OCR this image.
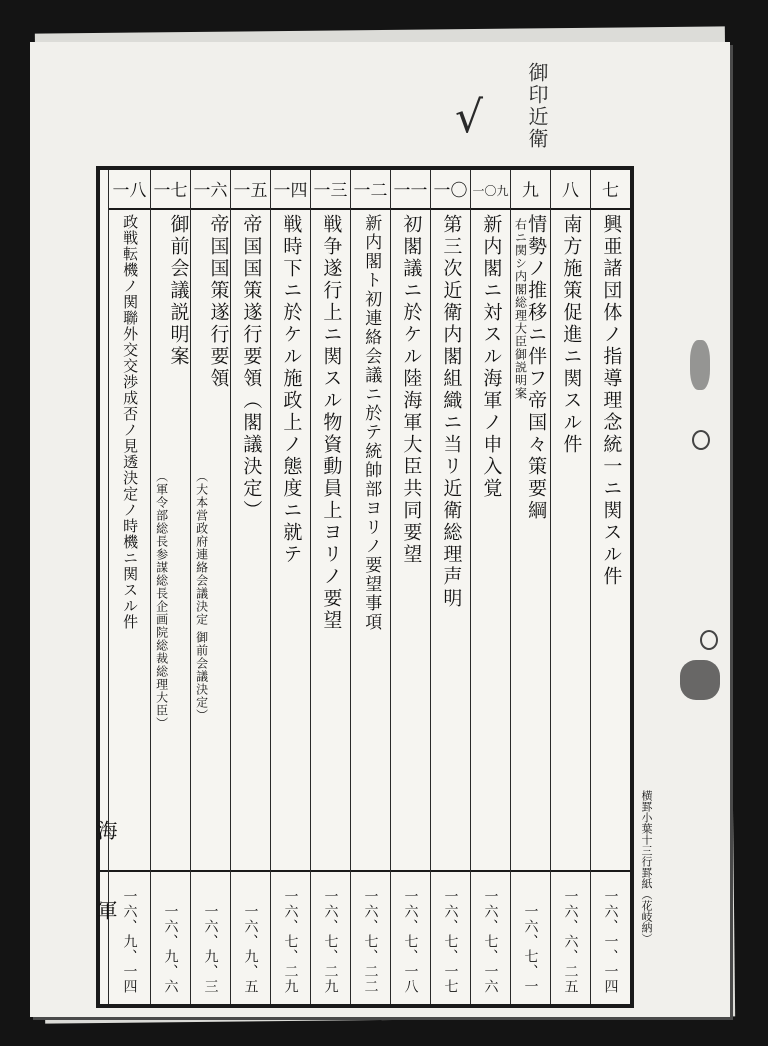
御印近衛
√
七
興亜諸団体ノ指導理念統一ニ関スル件
一六、一、一四
八
南方施策促進ニ関スル件
一六、六、二五
九
情勢ノ推移ニ伴フ帝国々策要綱
右ニ関シ内閣総理大臣御説明案
一六、七、一
一〇九
新内閣ニ対スル海軍ノ申入覚
一六、七、一六
一〇
第三次近衛内閣組織ニ当リ近衛総理声明
一六、七、一七
一一
初閣議ニ於ケル陸海軍大臣共同要望
一六、七、一八
一二
新内閣ト初連絡会議ニ於テ統帥部ヨリノ要望事項
一六、七、二二
一三
戦争遂行上ニ関スル物資動員上ヨリノ要望
一六、七、二九
一四
戦時下ニ於ケル施政上ノ態度ニ就テ
一六、七、二九
一五
帝国国策遂行要領（閣議決定）
一六、九、五
一六
帝国国策遂行要領
（大本営政府連絡会議決定 御前会議決定）
一六、九、三
一七
御前会議説明案
（軍令部総長参謀総長企画院総裁総理大臣）
一六、九、六
一八
政戦転機ノ関聯外交交渉成否ノ見透決定ノ時機ニ関スル件
一六、九、一四
海軍	横罫小葉十三行罫紙（花岐納）
